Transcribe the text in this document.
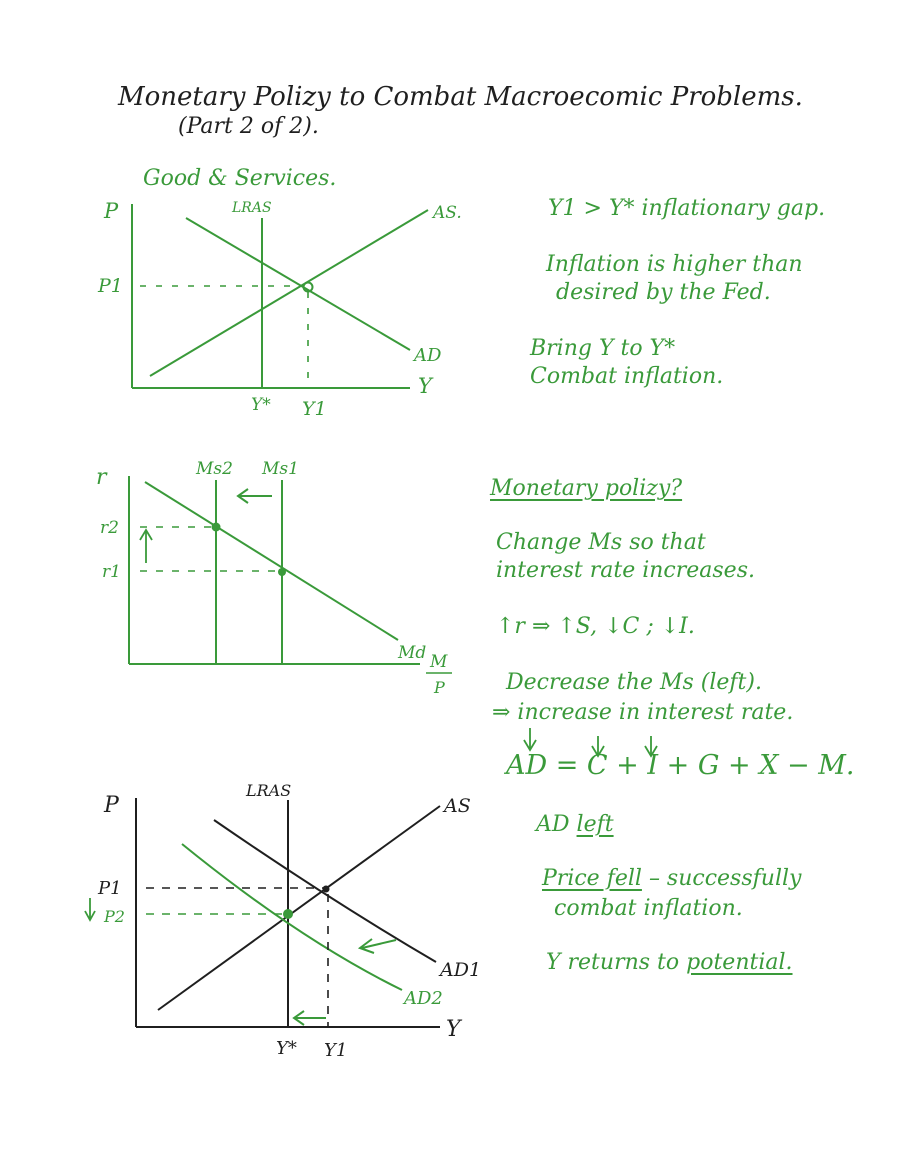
Monetary Polizy to Combat Macroecomic Problems.
(Part 2 of 2).
Good & Services.
P
Y
LRAS	AS.
AD
P1
Y* Y1
r	Ms2 Ms1
r2
r1
Md M
P
P
Y
LRAS
AS
AD1
AD2
P1
P2
Y* Y1
Y1 > Y* inflationary gap.
Inflation is higher than
desired by the Fed.
Bring Y to Y*
Combat inflation.
Monetary polizy?
Change Ms so that
interest rate increases.
↑r ⇒ ↑S, ↓C ; ↓I.
Decrease the Ms (left).
⇒ increase in interest rate.
AD = C + I + G + X − M.
AD left
Price fell – successfully
combat inflation.
Y returns to potential.
